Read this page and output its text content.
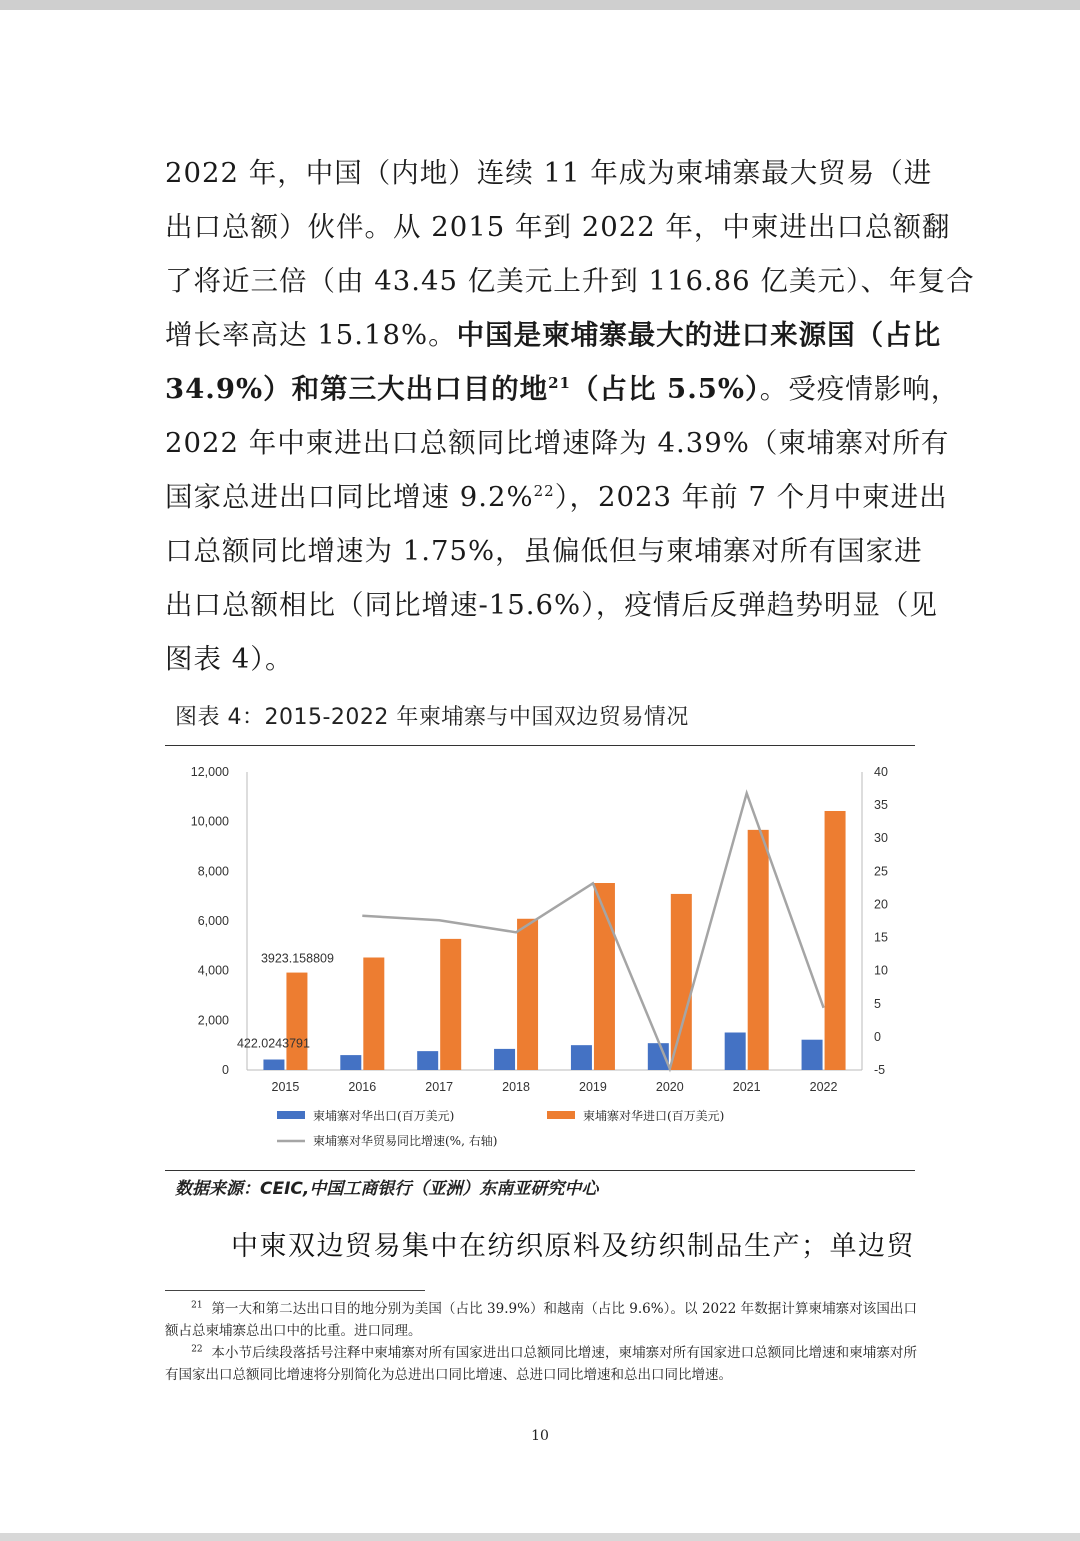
2022 年，中国（内地）连续 11 年成为柬埔寨最大贸易（进
出口总额）伙伴。从 2015 年到 2022 年，中柬进出口总额翻
了将近三倍（由 43.45 亿美元上升到 116.86 亿美元）、年复合
增长率高达 15.18%。中国是柬埔寨最大的进口来源国（占比
34.9%）和第三大出口目的地$^{21}$（占比 5.5%）。受疫情影响，
2022 年中柬进出口总额同比增速降为 4.39%（柬埔寨对所有
国家总进出口同比增速 9.2%$^{22}$），2023 年前 7 个月中柬进出
口总额同比增速为 1.75%，虽偏低但与柬埔寨对所有国家进
出口总额相比（同比增速-15.6%），疫情后反弹趋势明显（见
图表 4）。
图表 4：2015-2022 年柬埔寨与中国双边贸易情况
0
2,000
4,000
6,000
8,000
10,000
12,000
-5
0
5
10
15
20
25
30
35
40
2015	2016	2017	2018	2019	2020	2021	2022
3923.158809
422.0243791
柬埔寨对华出口(百万美元)	柬埔寨对华进口(百万美元)
柬埔寨对华贸易同比增速(%, 右轴)
数据来源：CEIC,中国工商银行（亚洲）东南亚研究中心
中柬双边贸易集中在纺织原料及纺织制品生产；单边贸

$^{21}$ 第一大和第二达出口目的地分别为美国（占比 39.9%）和越南（占比 9.6%）。以 2022 年数据计算柬埔寨对该国出口额占总柬埔寨总出口中的比重。进口同理。

$^{22}$ 本小节后续段落括号注释中柬埔寨对所有国家进出口总额同比增速，柬埔寨对所有国家进口总额同比增速和柬埔寨对所有国家出口总额同比增速将分别简化为总进出口同比增速、总进口同比增速和总出口同比增速。

10
